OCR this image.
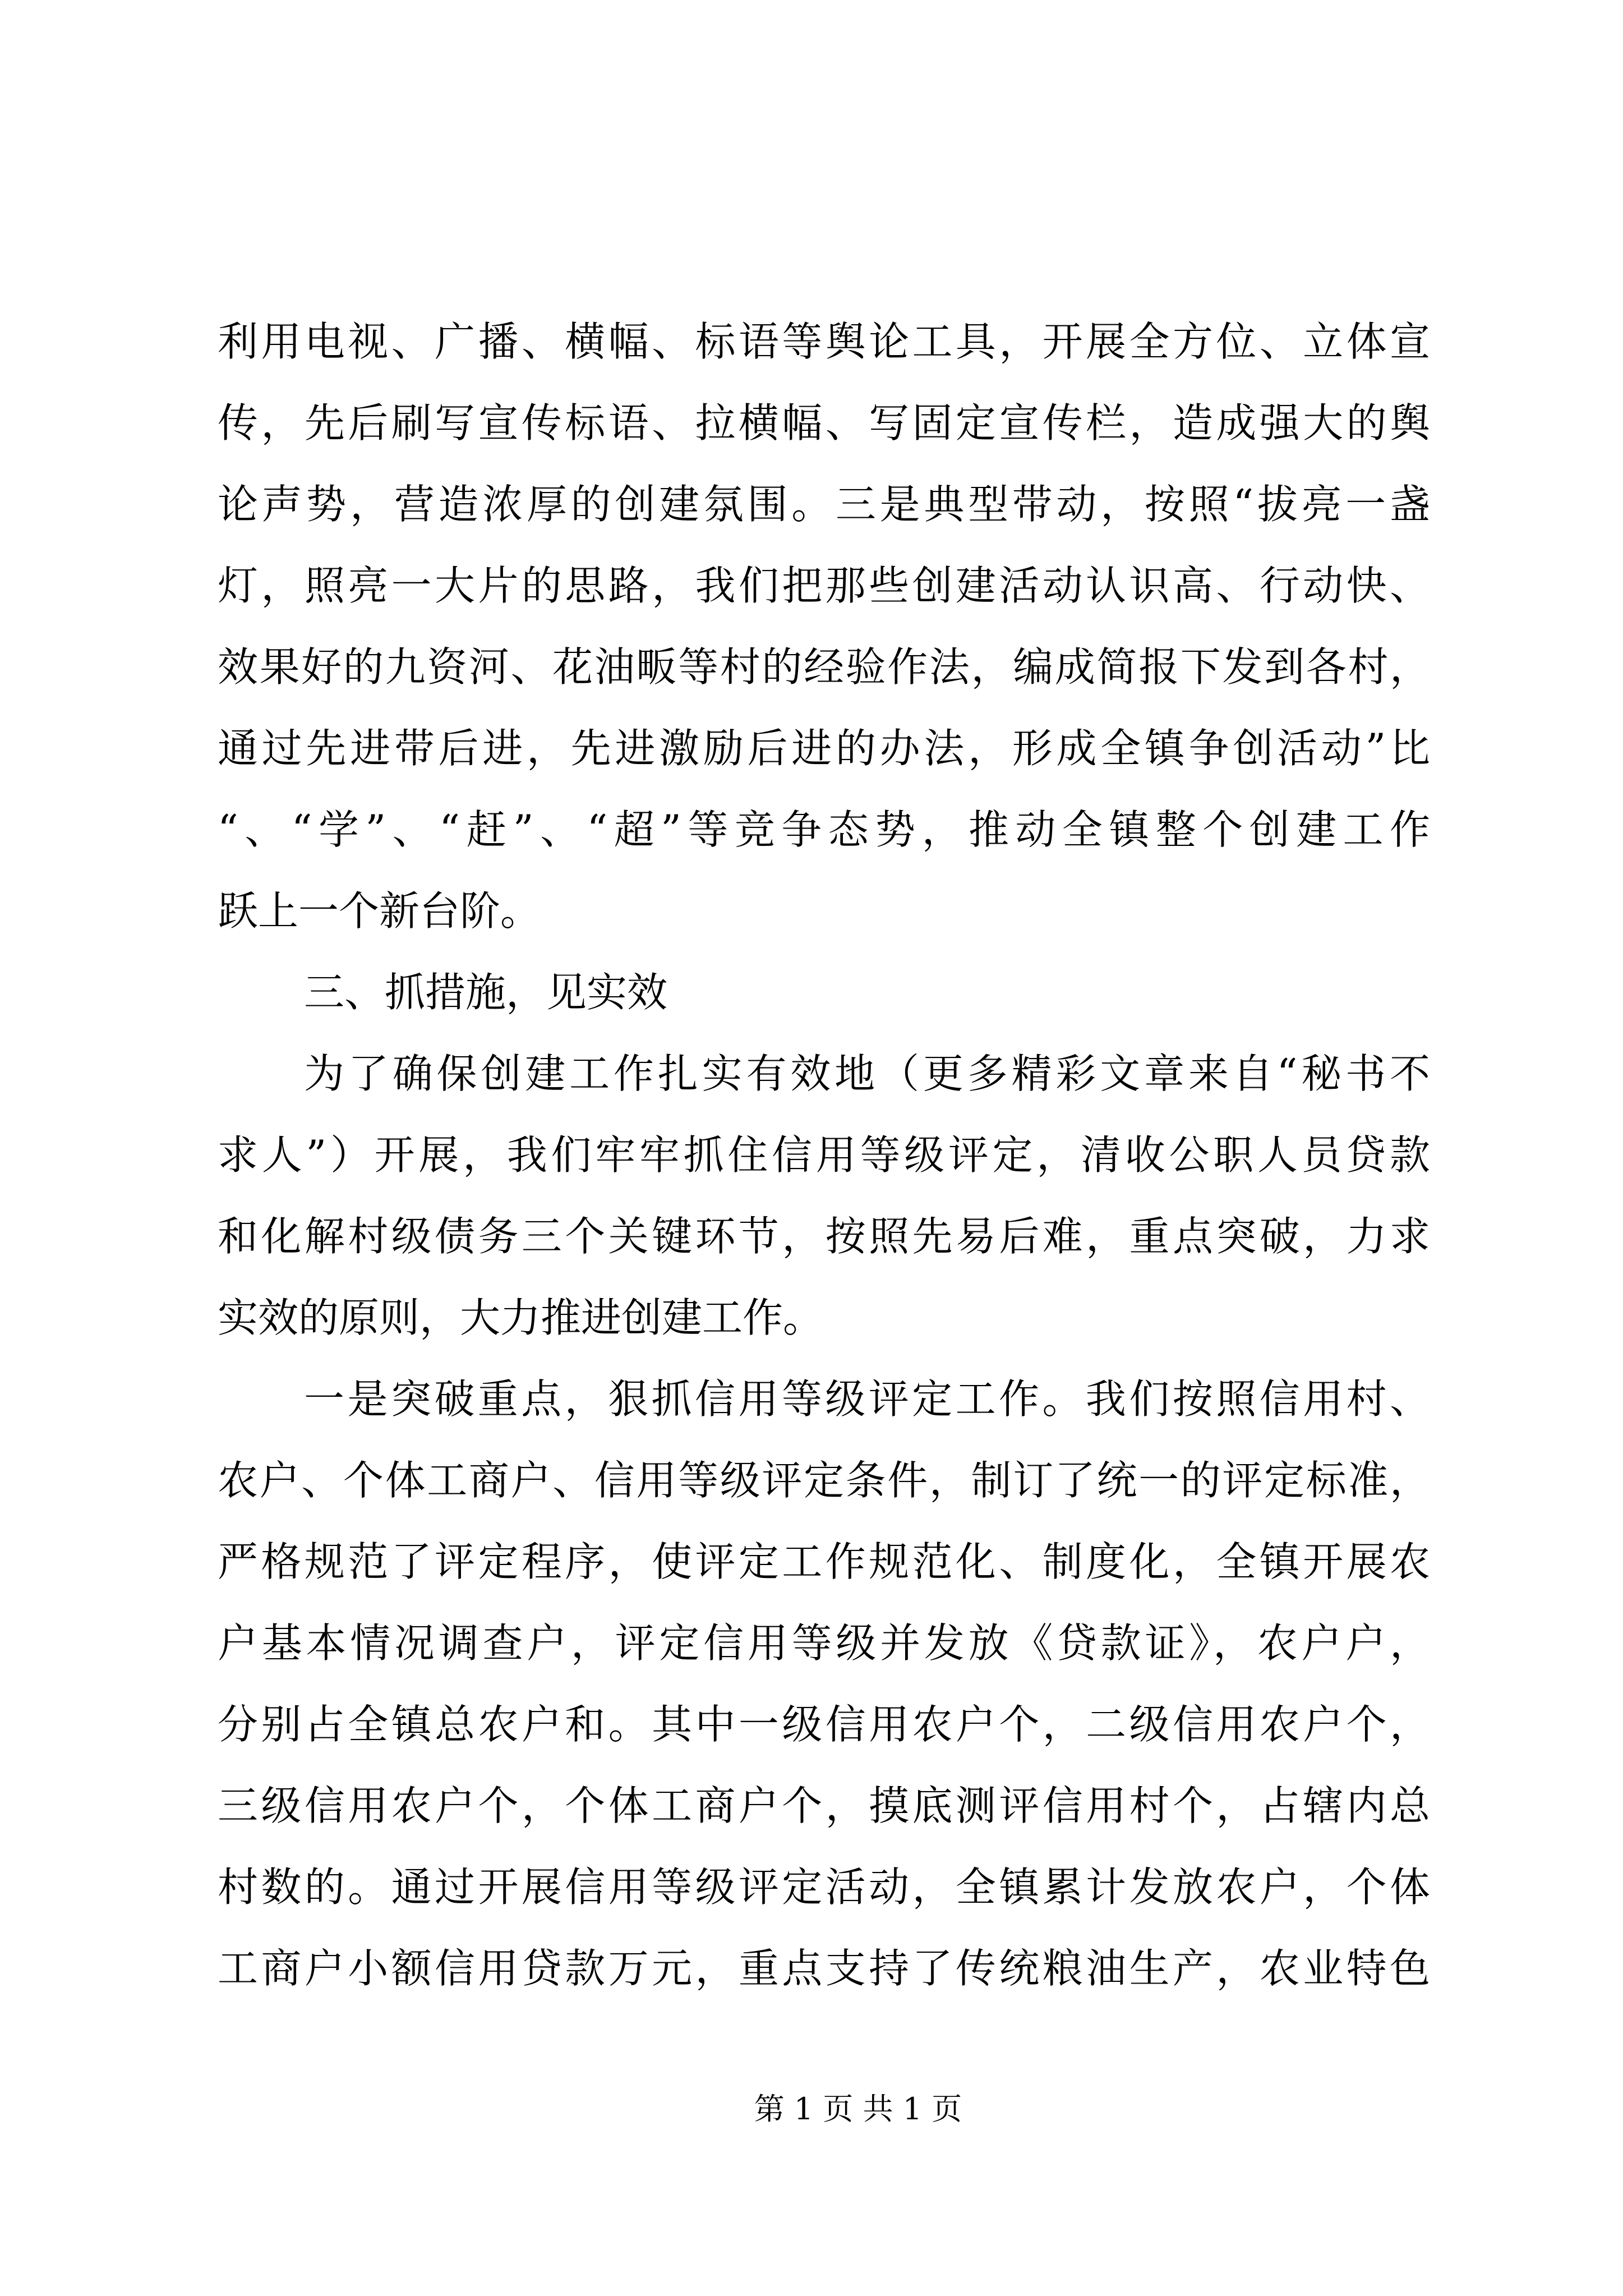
利用电视、广播、横幅、标语等舆论工具，开展全方位、立体宣
传，先后刷写宣传标语、拉横幅、写固定宣传栏，造成强大的舆
论声势，营造浓厚的创建氛围。三是典型带动，按照“拔亮一盏
灯，照亮一大片的思路，我们把那些创建活动认识高、行动快、
效果好的九资河、花油畈等村的经验作法，编成简报下发到各村，
通过先进带后进，先进激励后进的办法，形成全镇争创活动”比
“、“学”、“赶”、“超”等竞争态势，推动全镇整个创建工作
跃上一个新台阶。
三、抓措施，见实效
为了确保创建工作扎实有效地（更多精彩文章来自“秘书不
求人”）开展，我们牢牢抓住信用等级评定，清收公职人员贷款
和化解村级债务三个关键环节，按照先易后难，重点突破，力求
实效的原则，大力推进创建工作。
一是突破重点，狠抓信用等级评定工作。我们按照信用村、
农户、个体工商户、信用等级评定条件，制订了统一的评定标准，
严格规范了评定程序，使评定工作规范化、制度化，全镇开展农
户基本情况调查户，评定信用等级并发放《贷款证》，农户户，
分别占全镇总农户和。其中一级信用农户个，二级信用农户个，
三级信用农户个，个体工商户个，摸底测评信用村个，占辖内总
村数的。通过开展信用等级评定活动，全镇累计发放农户，个体
工商户小额信用贷款万元，重点支持了传统粮油生产，农业特色
第 1 页 共 1 页
